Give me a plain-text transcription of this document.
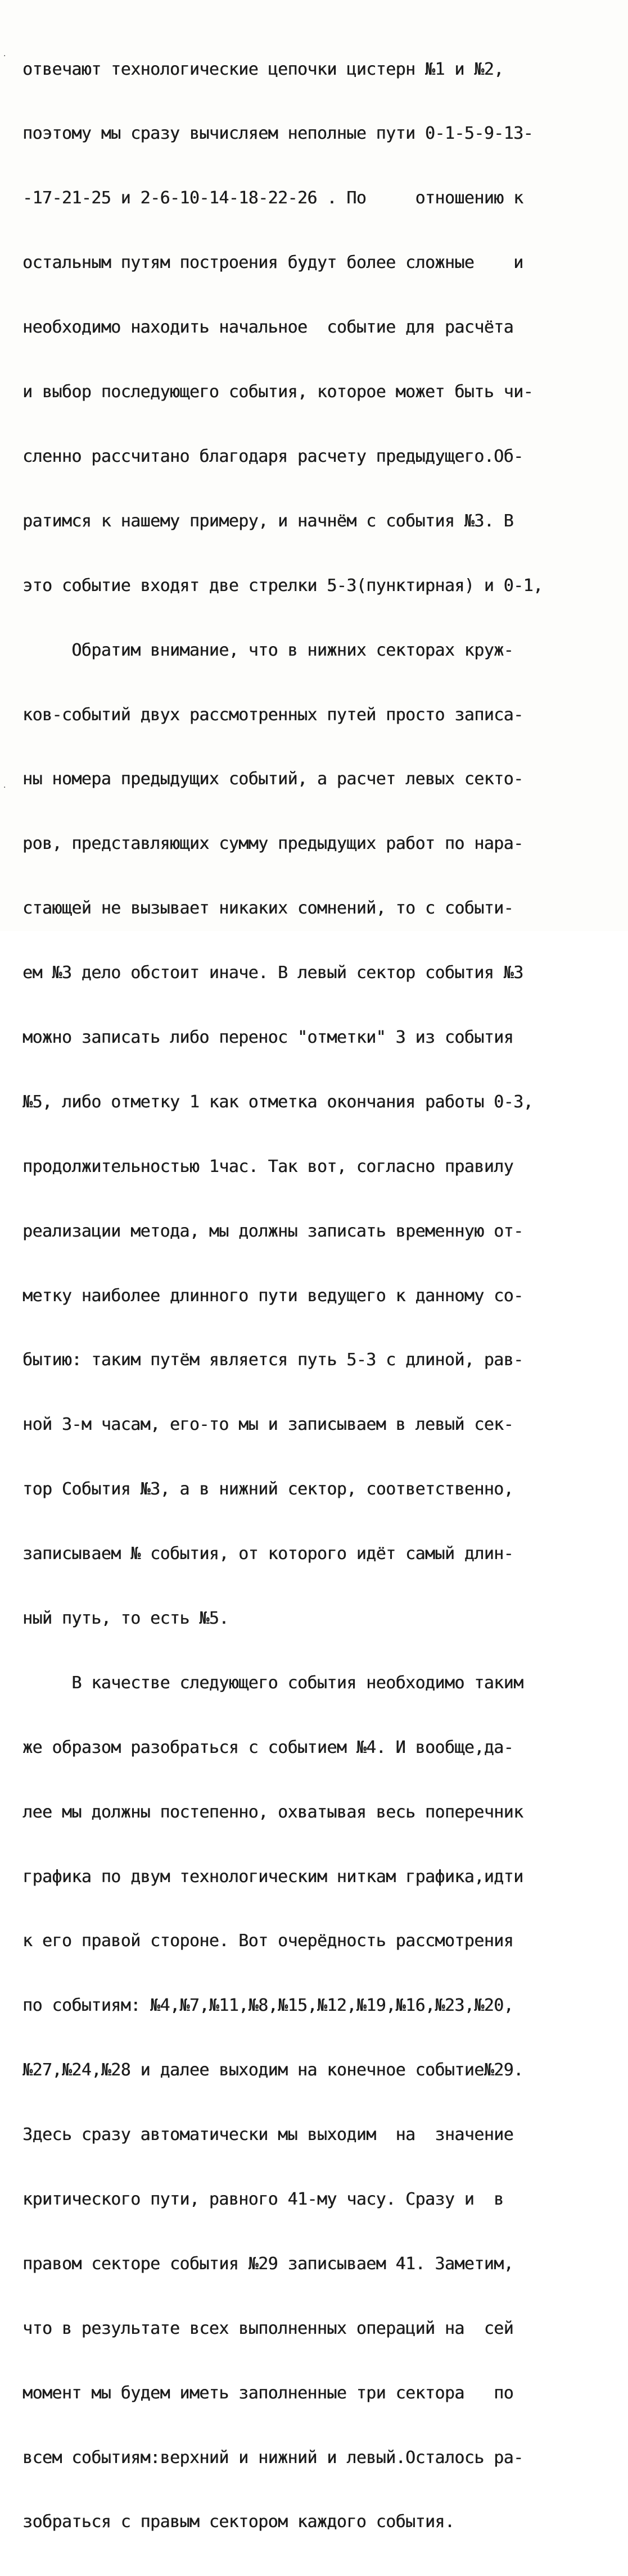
отвечают технологические цепочки цистерн №1 и №2,

поэтому мы сразу вычисляем неполные пути 0-1-5-9-13-

-17-21-25 и 2-6-10-14-18-22-26 . По     отношению к

остальным путям построения будут более сложные    и

необходимо находить начальное  событие для расчёта

и выбор последующего события, которое может быть чи-

сленно рассчитано благодаря расчету предыдущего.Об-

ратимся к нашему примеру, и начнём с события №3. В

это событие входят две стрелки 5-3(пунктирная) и 0-1,

Обратим внимание, что в нижних секторах круж-

ков-событий двух рассмотренных путей просто записа-

ны номера предыдущих событий, а расчет левых секто-

ров, представляющих сумму предыдущих работ по нара-

стающей не вызывает никаких сомнений, то с событи-

ем №3 дело обстоит иначе. В левый сектор события №3

можно записать либо перенос "отметки" 3 из события

№5, либо отметку 1 как отметка окончания работы 0-3,

продолжительностью 1час. Так вот, согласно правилу

реализации метода, мы должны записать временную от-

метку наиболее длинного пути ведущего к данному со-

бытию: таким путём является путь 5-3 с длиной, рав-

ной 3-м часам, его-то мы и записываем в левый сек-

тор События №3, а в нижний сектор, соответственно,

записываем № события, от которого идёт самый длин-

ный путь, то есть №5.

В качестве следующего события необходимо таким

же образом разобраться с событием №4. И вообще,да-

лее мы должны постепенно, охватывая весь поперечник

графика по двум технологическим ниткам графика,идти

к его правой стороне. Вот очерёдность рассмотрения

по событиям: №4,№7,№11,№8,№15,№12,№19,№16,№23,№20,

№27,№24,№28 и далее выходим на конечное событие№29.

Здесь сразу автоматически мы выходим  на  значение

критического пути, равного 41-му часу. Сразу и  в

правом секторе события №29 записываем 41. Заметим,

что в результате всех выполненных операций на  сей

момент мы будем иметь заполненные три сектора   по

всем событиям:верхний и нижний и левый.Осталось ра-

зобраться с правым сектором каждого события.

·
·
